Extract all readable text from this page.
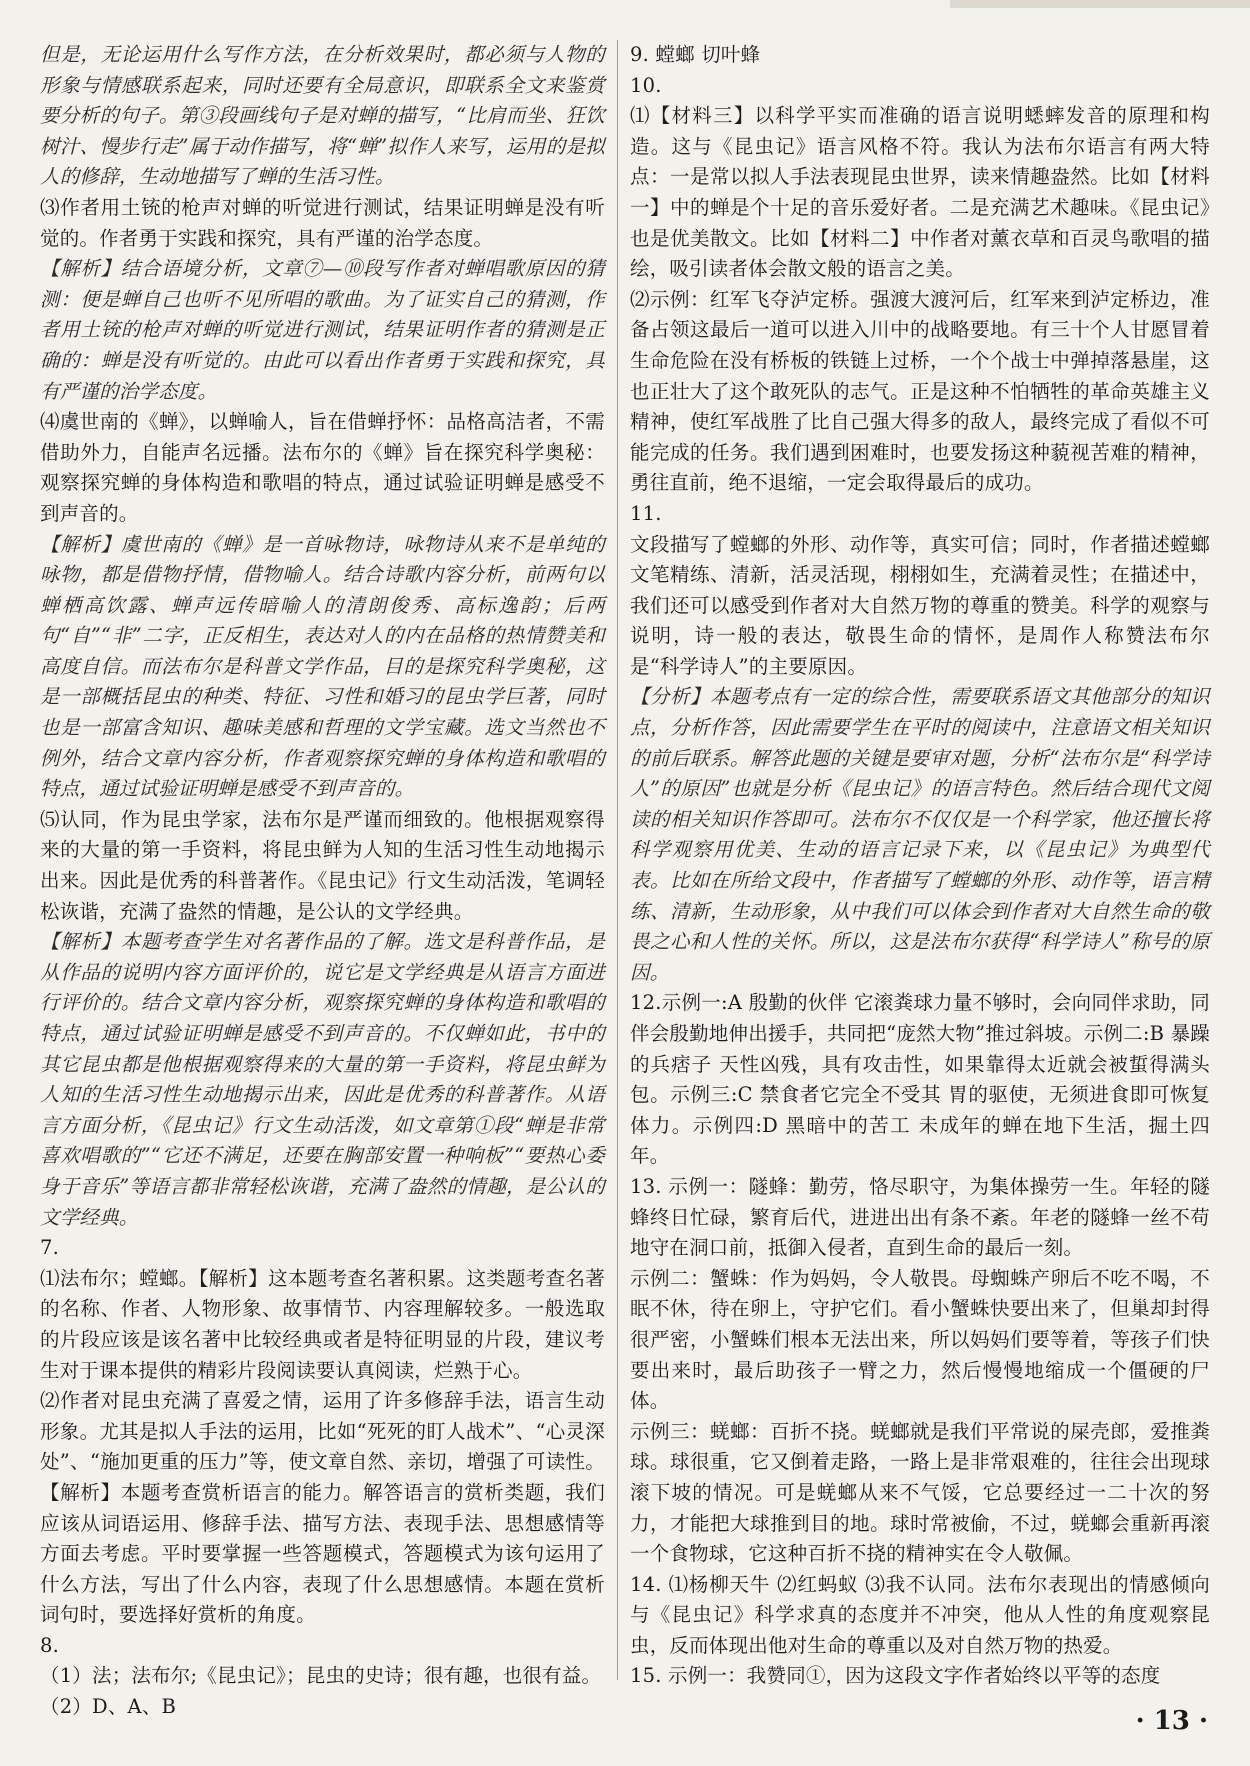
但是，无论运用什么写作方法，在分析效果时，都必须与人物的形象与情感联系起来，同时还要有全局意识，即联系全文来鉴赏要分析的句子。第③段画线句子是对蝉的描写，“比肩而坐、狂饮树汁、慢步行走”属于动作描写，将“蝉”拟作人来写，运用的是拟人的修辞，生动地描写了蝉的生活习性。

⑶作者用土铳的枪声对蝉的听觉进行测试，结果证明蝉是没有听觉的。作者勇于实践和探究，具有严谨的治学态度。

【解析】结合语境分析，文章⑦—⑩段写作者对蝉唱歌原因的猜测：便是蝉自己也听不见所唱的歌曲。为了证实自己的猜测，作者用土铳的枪声对蝉的听觉进行测试，结果证明作者的猜测是正确的：蝉是没有听觉的。由此可以看出作者勇于实践和探究，具有严谨的治学态度。

⑷虞世南的《蝉》，以蝉喻人，旨在借蝉抒怀：品格高洁者，不需借助外力，自能声名远播。法布尔的《蝉》旨在探究科学奥秘：观察探究蝉的身体构造和歌唱的特点，通过试验证明蝉是感受不到声音的。

【解析】虞世南的《蝉》是一首咏物诗，咏物诗从来不是单纯的咏物，都是借物抒情，借物喻人。结合诗歌内容分析，前两句以蝉栖高饮露、蝉声远传暗喻人的清朗俊秀、高标逸韵；后两句“自”“非”二字，正反相生，表达对人的内在品格的热情赞美和高度自信。而法布尔是科普文学作品，目的是探究科学奥秘，这是一部概括昆虫的种类、特征、习性和婚习的昆虫学巨著，同时也是一部富含知识、趣味美感和哲理的文学宝藏。选文当然也不例外，结合文章内容分析，作者观察探究蝉的身体构造和歌唱的特点，通过试验证明蝉是感受不到声音的。

⑸认同，作为昆虫学家，法布尔是严谨而细致的。他根据观察得来的大量的第一手资料，将昆虫鲜为人知的生活习性生动地揭示出来。因此是优秀的科普著作。《昆虫记》行文生动活泼，笔调轻松诙谐，充满了盎然的情趣，是公认的文学经典。

【解析】本题考查学生对名著作品的了解。选文是科普作品，是从作品的说明内容方面评价的，说它是文学经典是从语言方面进行评价的。结合文章内容分析，观察探究蝉的身体构造和歌唱的特点，通过试验证明蝉是感受不到声音的。不仅蝉如此，书中的其它昆虫都是他根据观察得来的大量的第一手资料，将昆虫鲜为人知的生活习性生动地揭示出来，因此是优秀的科普著作。从语言方面分析，《昆虫记》行文生动活泼，如文章第①段“蝉是非常喜欢唱歌的”“它还不满足，还要在胸部安置一种响板”“要热心委身于音乐”等语言都非常轻松诙谐，充满了盎然的情趣，是公认的文学经典。

7.

⑴法布尔；螳螂。【解析】这本题考查名著积累。这类题考查名著的名称、作者、人物形象、故事情节、内容理解较多。一般选取的片段应该是该名著中比较经典或者是特征明显的片段，建议考生对于课本提供的精彩片段阅读要认真阅读，烂熟于心。

⑵作者对昆虫充满了喜爱之情，运用了许多修辞手法，语言生动形象。尤其是拟人手法的运用，比如“死死的盯人战术”、“心灵深处”、“施加更重的压力”等，使文章自然、亲切，增强了可读性。【解析】本题考查赏析语言的能力。解答语言的赏析类题，我们应该从词语运用、修辞手法、描写方法、表现手法、思想感情等方面去考虑。平时要掌握一些答题模式，答题模式为该句运用了什么方法，写出了什么内容，表现了什么思想感情。本题在赏析词句时，要选择好赏析的角度。

8.

（1）法；法布尔;《昆虫记》；昆虫的史诗；很有趣，也很有益。

（2）D、A、B

9. 螳螂 切叶蜂

10.

⑴【材料三】以科学平实而准确的语言说明蟋蟀发音的原理和构造。这与《昆虫记》语言风格不符。我认为法布尔语言有两大特点：一是常以拟人手法表现昆虫世界，读来情趣盎然。比如【材料一】中的蝉是个十足的音乐爱好者。二是充满艺术趣味。《昆虫记》也是优美散文。比如【材料二】中作者对薰衣草和百灵鸟歌唱的描绘，吸引读者体会散文般的语言之美。

⑵示例：红军飞夺泸定桥。强渡大渡河后，红军来到泸定桥边，准备占领这最后一道可以进入川中的战略要地。有三十个人甘愿冒着生命危险在没有桥板的铁链上过桥，一个个战士中弹掉落悬崖，这也正壮大了这个敢死队的志气。正是这种不怕牺牲的革命英雄主义精神，使红军战胜了比自己强大得多的敌人，最终完成了看似不可能完成的任务。我们遇到困难时，也要发扬这种藐视苦难的精神，勇往直前，绝不退缩，一定会取得最后的成功。

11.

文段描写了螳螂的外形、动作等，真实可信；同时，作者描述螳螂文笔精练、清新，活灵活现，栩栩如生，充满着灵性；在描述中，我们还可以感受到作者对大自然万物的尊重的赞美。科学的观察与说明，诗一般的表达，敬畏生命的情怀，是周作人称赞法布尔是“科学诗人”的主要原因。

【分析】本题考点有一定的综合性，需要联系语文其他部分的知识点，分析作答，因此需要学生在平时的阅读中，注意语文相关知识的前后联系。解答此题的关键是要审对题，分析“法布尔是“科学诗人”的原因”也就是分析《昆虫记》的语言特色。然后结合现代文阅读的相关知识作答即可。法布尔不仅仅是一个科学家，他还擅长将科学观察用优美、生动的语言记录下来，以《昆虫记》为典型代表。比如在所给文段中，作者描写了螳螂的外形、动作等，语言精练、清新，生动形象，从中我们可以体会到作者对大自然生命的敬畏之心和人性的关怀。所以，这是法布尔获得“科学诗人”称号的原因。

12.示例一:A 殷勤的伙伴 它滚粪球力量不够时，会向同伴求助，同伴会殷勤地伸出援手，共同把“庞然大物”推过斜坡。示例二:B 暴躁的兵痞子 天性凶残，具有攻击性，如果靠得太近就会被蜇得满头包。示例三:C 禁食者它完全不受其 胃的驱使，无须进食即可恢复体力。示例四:D 黑暗中的苦工 未成年的蝉在地下生活，掘土四年。

13. 示例一：隧蜂：勤劳，恪尽职守，为集体操劳一生。年轻的隧蜂终日忙碌，繁育后代，进进出出有条不紊。年老的隧蜂一丝不苟地守在洞口前，抵御入侵者，直到生命的最后一刻。

示例二：蟹蛛：作为妈妈，令人敬畏。母蜘蛛产卵后不吃不喝，不眠不休，待在卵上，守护它们。看小蟹蛛快要出来了，但巢却封得很严密，小蟹蛛们根本无法出来，所以妈妈们要等着，等孩子们快要出来时，最后助孩子一臂之力，然后慢慢地缩成一个僵硬的尸体。

示例三：蜣螂：百折不挠。蜣螂就是我们平常说的屎壳郎，爱推粪球。球很重，它又倒着走路，一路上是非常艰难的，往往会出现球滚下坡的情况。可是蜣螂从来不气馁，它总要经过一二十次的努力，才能把大球推到目的地。球时常被偷，不过，蜣螂会重新再滚一个食物球，它这种百折不挠的精神实在令人敬佩。

14. ⑴杨柳天牛 ⑵红蚂蚁 ⑶我不认同。法布尔表现出的情感倾向与《昆虫记》科学求真的态度并不冲突，他从人性的角度观察昆虫，反而体现出他对生命的尊重以及对自然万物的热爱。

15. 示例一：我赞同①，因为这段文字作者始终以平等的态度

· 13 ·
